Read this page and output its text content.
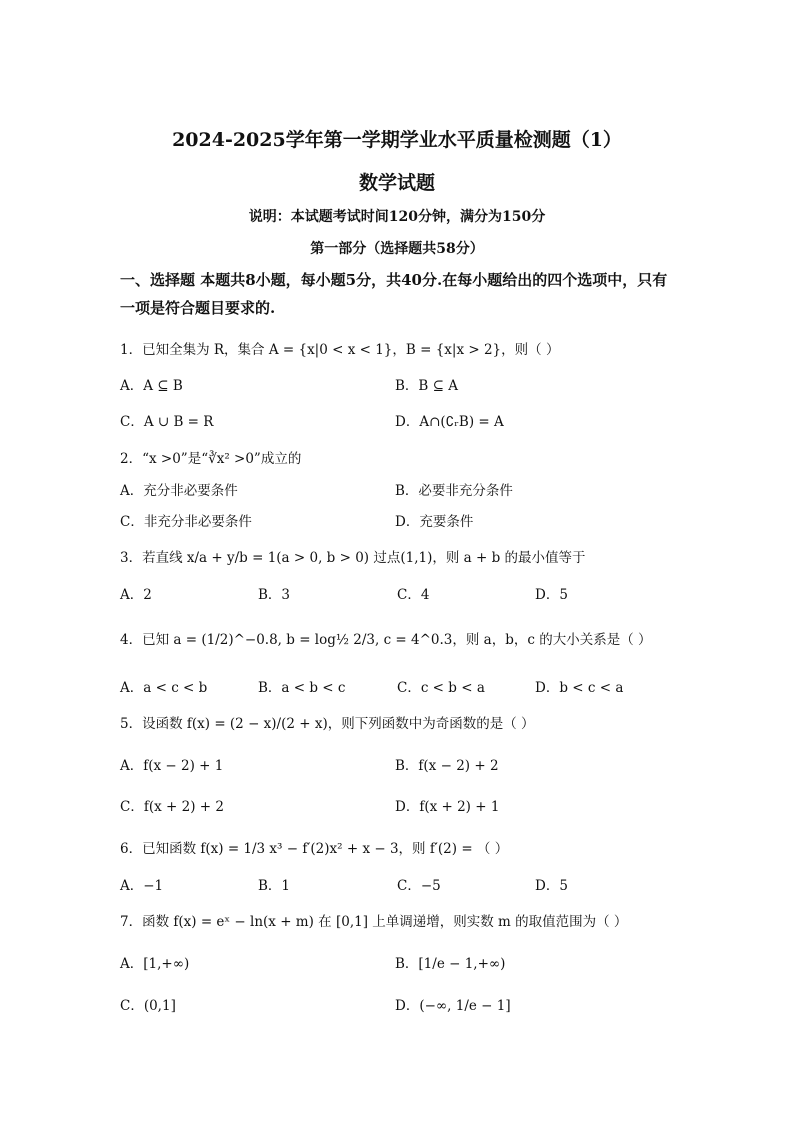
2024-2025学年第一学期学业水平质量检测题（1）
数学试题
说明：本试题考试时间120分钟，满分为150分
第一部分（选择题共58分）
一、选择题 本题共8小题，每小题5分，共40分.在每小题给出的四个选项中，只有一项是符合题目要求的.
1．已知全集为 R，集合 A = {x|0 < x < 1}，B = {x|x > 2}，则（ ）
A．A ⊆ B	B．B ⊆ A
C．A ∪ B = R	D．A∩(∁ᵣB) = A
2．“x >0”是“∛x² >0”成立的
A．充分非必要条件	B．必要非充分条件
C．非充分非必要条件	D．充要条件
3．若直线 x/a + y/b = 1(a > 0, b > 0) 过点(1,1)，则 a + b 的最小值等于
A．2	B．3	C．4	D．5
4．已知 a = (1/2)^−0.8, b = log½ 2/3, c = 4^0.3，则 a，b，c 的大小关系是（ ）
A．a < c < b	B．a < b < c	C．c < b < a	D．b < c < a
5．设函数 f(x) = (2 − x)/(2 + x)，则下列函数中为奇函数的是（ ）
A．f(x − 2) + 1	B．f(x − 2) + 2
C．f(x + 2) + 2	D．f(x + 2) + 1
6．已知函数 f(x) = 1/3 x³ − f′(2)x² + x − 3，则 f′(2) = （ ）
A．−1	B．1	C．−5	D．5
7．函数 f(x) = eˣ − ln(x + m) 在 [0,1] 上单调递增，则实数 m 的取值范围为（ ）
A．[1,+∞)	B．[1/e − 1,+∞)
C．(0,1]	D．(−∞, 1/e − 1]
